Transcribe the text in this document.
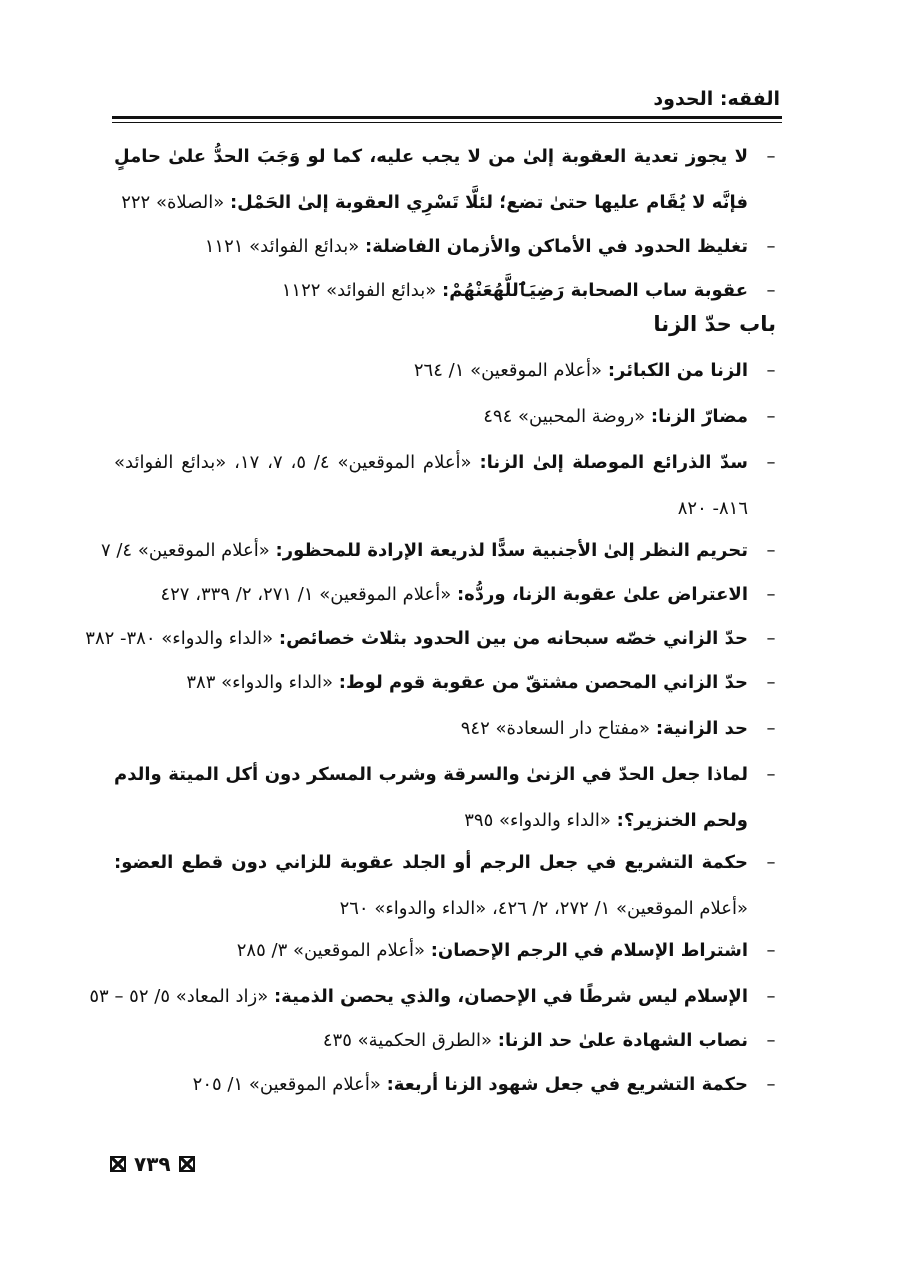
الفقه: الحدود
–
لا يجوز تعدية العقوبة إلىٰ من لا يجب عليه، كما لو وَجَبَ الحدُّ علىٰ حاملٍ فإنَّه لا يُقَام عليها حتىٰ تضع؛ لئلَّا تَسْرِي العقوبة إلىٰ الحَمْل: «الصلاة» ٢٢٢
–
تغليظ الحدود في الأماكن والأزمان الفاضلة: «بدائع الفوائد» ١١٢١
–
عقوبة ساب الصحابة رَضِيَٱللَّهُعَنْهُمْ: «بدائع الفوائد» ١١٢٢
باب حدّ الزنا
–
الزنا من الكبائر: «أعلام الموقعين» ١/ ٢٦٤
–
مضارّ الزنا: «روضة المحبين» ٤٩٤
–
سدّ الذرائع الموصلة إلىٰ الزنا: «أعلام الموقعين» ٤/ ٥، ٧، ١٧، «بدائع الفوائد» ٨١٦- ٨٢٠
–
تحريم النظر إلىٰ الأجنبية سدًّا لذريعة الإرادة للمحظور: «أعلام الموقعين» ٤/ ٧
–
الاعتراض علىٰ عقوبة الزنا، وردُّه: «أعلام الموقعين» ١/ ٢٧١، ٢/ ٣٣٩، ٤٢٧
–
حدّ الزاني خصّه سبحانه من بين الحدود بثلاث خصائص: «الداء والدواء» ٣٨٠- ٣٨٢
–
حدّ الزاني المحصن مشتقّ من عقوبة قوم لوط: «الداء والدواء» ٣٨٣
–
حد الزانية: «مفتاح دار السعادة» ٩٤٢
–
لماذا جعل الحدّ في الزنىٰ والسرقة وشرب المسكر دون أكل الميتة والدم ولحم الخنزير؟: «الداء والدواء» ٣٩٥
–
حكمة التشريع في جعل الرجم أو الجلد عقوبة للزاني دون قطع العضو: «أعلام الموقعين» ١/ ٢٧٢، ٢/ ٤٢٦، «الداء والدواء» ٢٦٠
–
اشتراط الإسلام في الرجم الإحصان: «أعلام الموقعين» ٣/ ٢٨٥
–
الإسلام ليس شرطًا في الإحصان، والذي يحصن الذمية: «زاد المعاد» ٥/ ٥٢ – ٥٣
–
نصاب الشهادة علىٰ حد الزنا: «الطرق الحكمية» ٤٣٥
–
حكمة التشريع في جعل شهود الزنا أربعة: «أعلام الموقعين» ١/ ٢٠٥
٧٣٩
